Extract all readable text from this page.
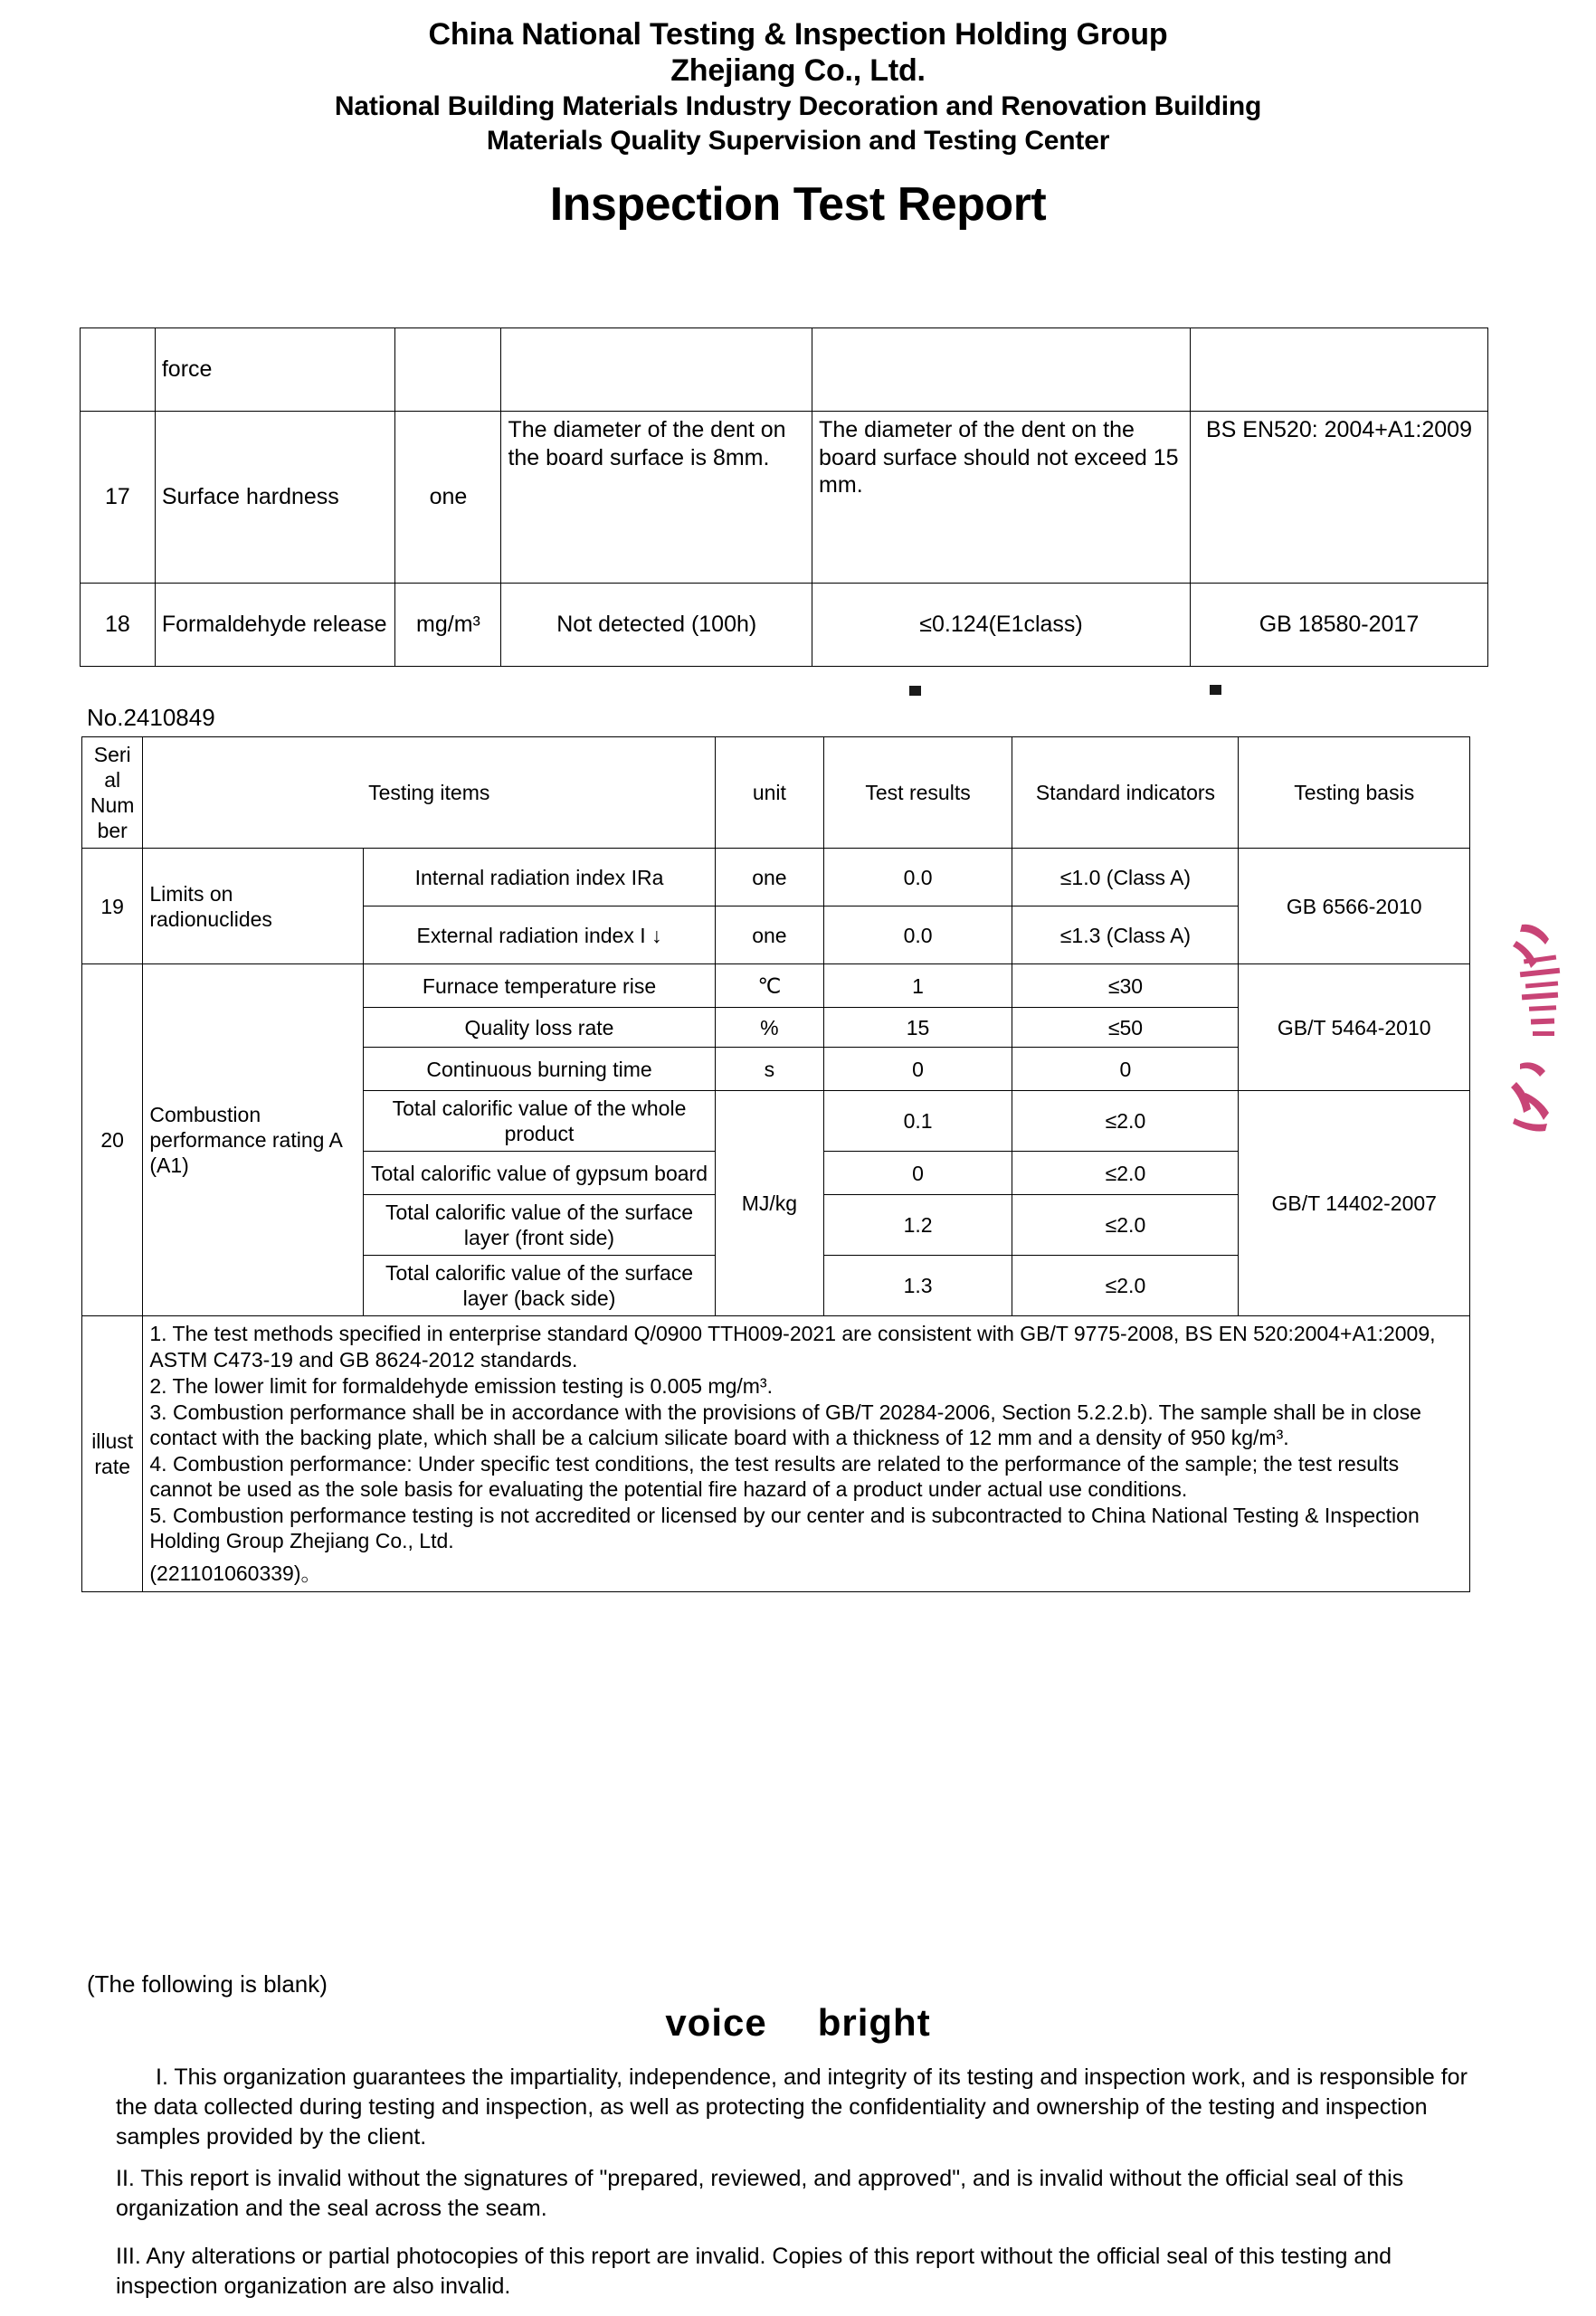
China National Testing & Inspection Holding Group
Zhejiang Co., Ltd.
National Building Materials Industry Decoration and Renovation Building
Materials Quality Supervision and Testing Center
Inspection Test Report
	force				
17	Surface hardness	one	The diameter of the dent on the board surface is 8mm.	The diameter of the dent on the board surface should not exceed 15 mm.	BS EN520: 2004+A1:2009
18	Formaldehyde release	mg/m³	Not detected (100h)	≤0.124(E1class)	GB 18580-2017
No.2410849
Serial Number	Testing items		unit	Test results	Standard indicators	Testing basis
19	Limits on radionuclides	Internal radiation index IRa	one	0.0	≤1.0 (Class A)	GB 6566-2010
		External radiation index I ↓	one	0.0	≤1.3 (Class A)	
20	Combustion performance rating A (A1)	Furnace temperature rise	℃	1	≤30	GB/T 5464-2010
		Quality loss rate	%	15	≤50	
		Continuous burning time	s	0	0	
		Total calorific value of the whole product	MJ/kg	0.1	≤2.0	GB/T 14402-2007
		Total calorific value of gypsum board		0	≤2.0	
		Total calorific value of the surface layer (front side)		1.2	≤2.0	
		Total calorific value of the surface layer (back side)		1.3	≤2.0	
illustrate	

1. The test methods specified in enterprise standard Q/0900 TTH009-2021 are consistent with GB/T 9775-2008, BS EN 520:2004+A1:2009, ASTM C473-19 and GB 8624-2012 standards.

2. The lower limit for formaldehyde emission testing is 0.005 mg/m³.

3. Combustion performance shall be in accordance with the provisions of GB/T 20284-2006, Section 5.2.2.b). The sample shall be in close contact with the backing plate, which shall be a calcium silicate board with a thickness of 12 mm and a density of 950 kg/m³.

4. Combustion performance: Under specific test conditions, the test results are related to the performance of the sample; the test results cannot be used as the sole basis for evaluating the potential fire hazard of a product under actual use conditions.

5. Combustion performance testing is not accredited or licensed by our center and is subcontracted to China National Testing & Inspection Holding Group Zhejiang Co., Ltd.

(221101060339)。

(The following is blank)
voice bright

I. This organization guarantees the impartiality, independence, and integrity of its testing and inspection work, and is responsible for the data collected during testing and inspection, as well as protecting the confidentiality and ownership of the testing and inspection samples provided by the client.

II. This report is invalid without the signatures of "prepared, reviewed, and approved", and is invalid without the official seal of this organization and the seal across the seam.

III. Any alterations or partial photocopies of this report are invalid. Copies of this report without the official seal of this testing and inspection organization are also invalid.
